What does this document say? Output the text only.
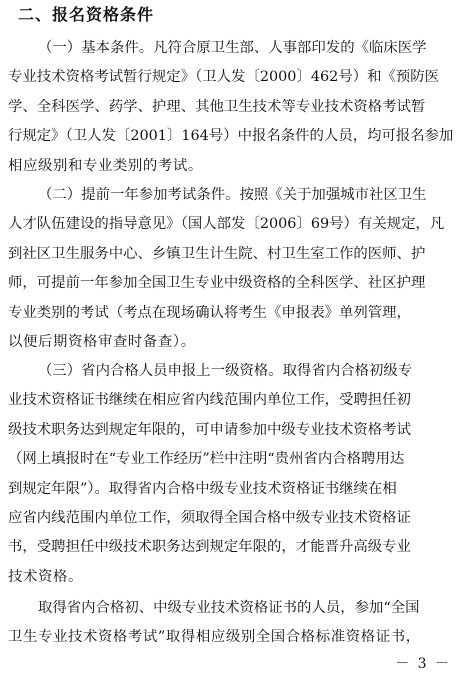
二、报名资格条件
（一）基本条件。凡符合原卫生部、人事部印发的《临床医学
专业技术资格考试暂行规定》（卫人发〔2000〕462号）和《预防医
学、全科医学、药学、护理、其他卫生技术等专业技术资格考试暂
行规定》（卫人发〔2001〕164号）中报名条件的人员，均可报名参加
相应级别和专业类别的考试。
（二）提前一年参加考试条件。按照《关于加强城市社区卫生
人才队伍建设的指导意见》（国人部发〔2006〕69号）有关规定，凡
到社区卫生服务中心、乡镇卫生计生院、村卫生室工作的医师、护
师，可提前一年参加全国卫生专业中级资格的全科医学、社区护理
专业类别的考试（考点在现场确认将考生《申报表》单列管理，
以便后期资格审查时备查）。
（三）省内合格人员申报上一级资格。取得省内合格初级专
业技术资格证书继续在相应省内线范围内单位工作，受聘担任初
级技术职务达到规定年限的，可申请参加中级专业技术资格考试
（网上填报时在“专业工作经历”栏中注明“贵州省内合格聘用达
到规定年限”）。取得省内合格中级专业技术资格证书继续在相
应省内线范围内单位工作，须取得全国合格中级专业技术资格证
书，受聘担任中级技术职务达到规定年限的，才能晋升高级专业
技术资格。
取得省内合格初、中级专业技术资格证书的人员，参加“全国
卫生专业技术资格考试”取得相应级别全国合格标准资格证书，
－ 3 －
